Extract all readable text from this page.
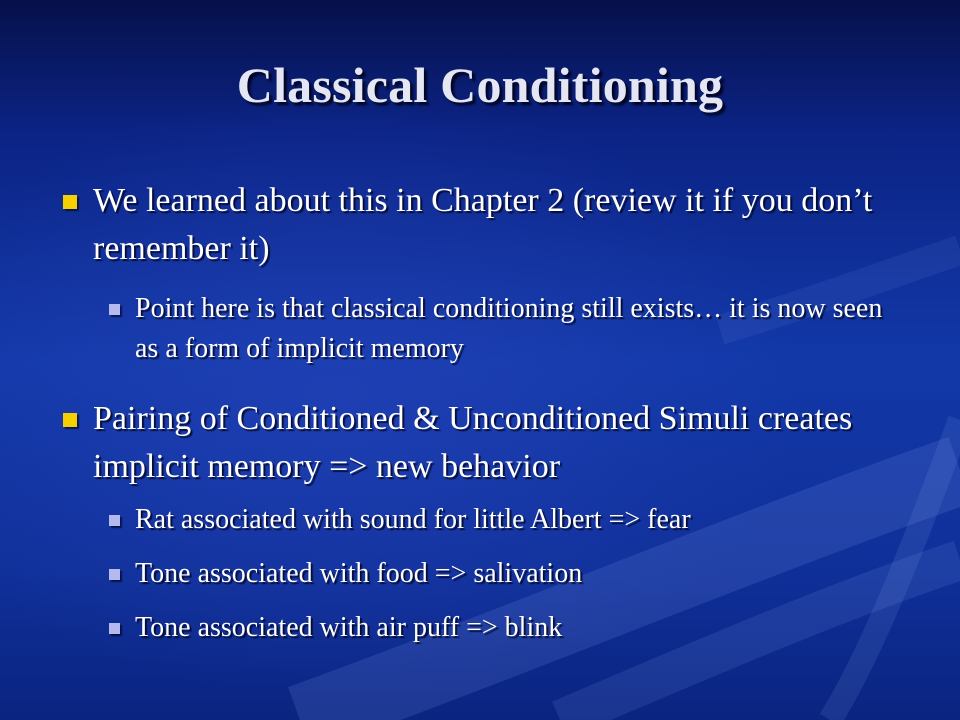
Classical Conditioning
We learned about this in Chapter 2 (review it if you don’t remember it)
Point here is that classical conditioning still exists… it is now seen as a form of implicit memory
Pairing of Conditioned & Unconditioned Simuli creates implicit memory => new behavior
Rat associated with sound for little Albert => fear
Tone associated with food => salivation
Tone associated with air puff => blink
